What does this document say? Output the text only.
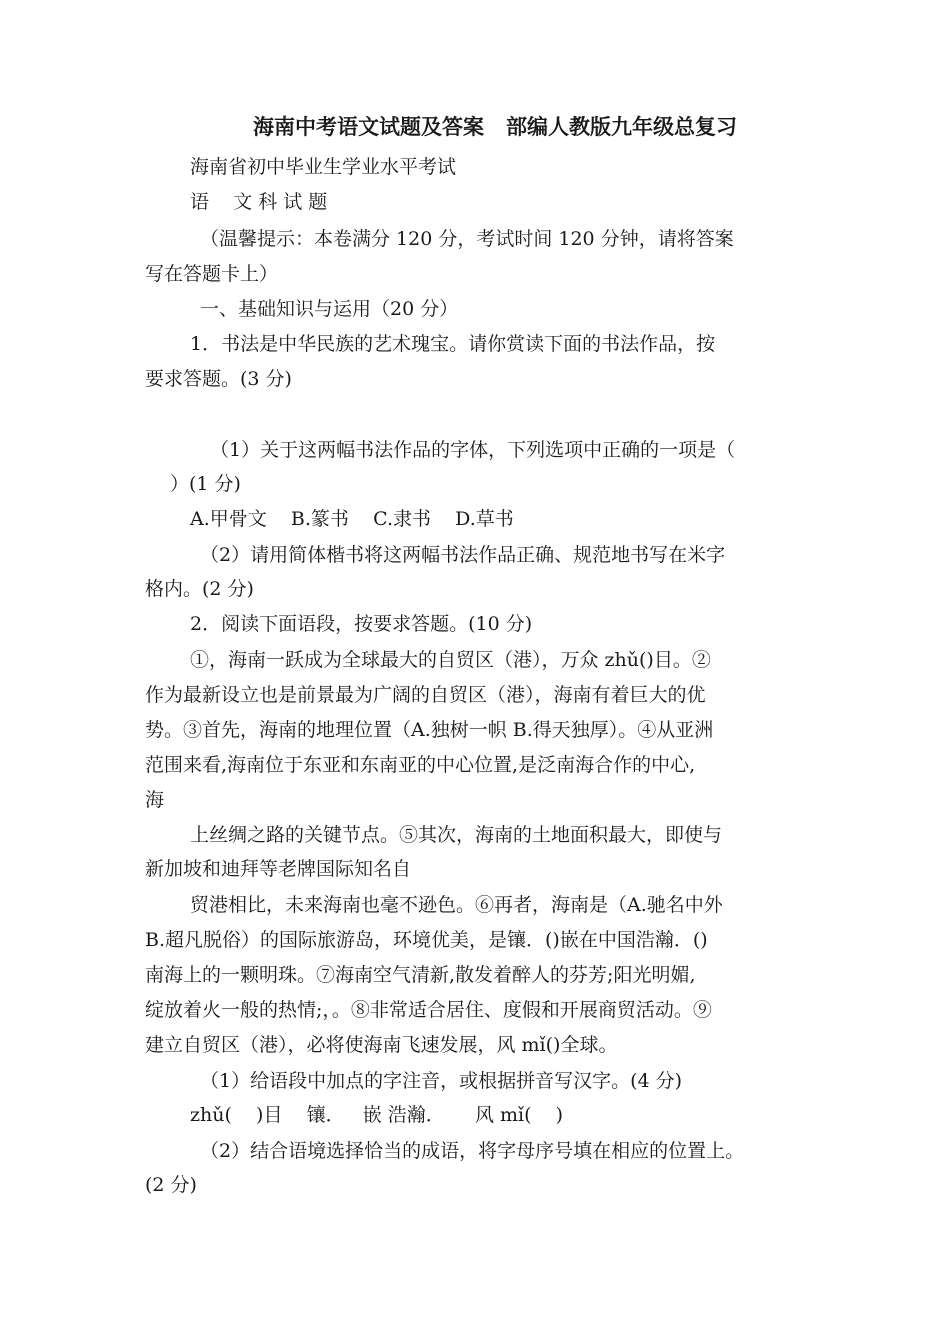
海南中考语文试题及答案   部编人教版九年级总复习
海南省初中毕业生学业水平考试
语    文 科 试 题
（温馨提示：本卷满分 120 分，考试时间 120 分钟，请将答案
写在答题卡上）
一、基础知识与运用（20 分）
1．书法是中华民族的艺术瑰宝。请你赏读下面的书法作品，按
要求答题。(3 分)
（1）关于这两幅书法作品的字体，下列选项中正确的一项是（
）(1 分)
A.甲骨文    B.篆书    C.隶书    D.草书
（2）请用简体楷书将这两幅书法作品正确、规范地书写在米字
格内。(2 分)
2．阅读下面语段，按要求答题。(10 分)
①，海南一跃成为全球最大的自贸区（港），万众 zhǔ()目。②
作为最新设立也是前景最为广阔的自贸区（港），海南有着巨大的优
势。③首先，海南的地理位置（A.独树一帜 B.得天独厚）。④从亚洲
范围来看,海南位于东亚和东南亚的中心位置,是泛南海合作的中心,
海
上丝绸之路的关键节点。⑤其次，海南的土地面积最大，即使与
新加坡和迪拜等老牌国际知名自
贸港相比，未来海南也毫不逊色。⑥再者，海南是（A.驰名中外
B.超凡脱俗）的国际旅游岛，环境优美，是镶．()嵌在中国浩瀚．()
南海上的一颗明珠。⑦海南空气清新,散发着醉人的芬芳;阳光明媚,
绽放着火一般的热情;，。⑧非常适合居住、度假和开展商贸活动。⑨
建立自贸区（港），必将使海南飞速发展，风 mǐ()全球。
（1）给语段中加点的字注音，或根据拼音写汉字。(4 分)
zhǔ(    )目    镶．   嵌 浩瀚．     风 mǐ(    )
（2）结合语境选择恰当的成语，将字母序号填在相应的位置上。
(2 分)
